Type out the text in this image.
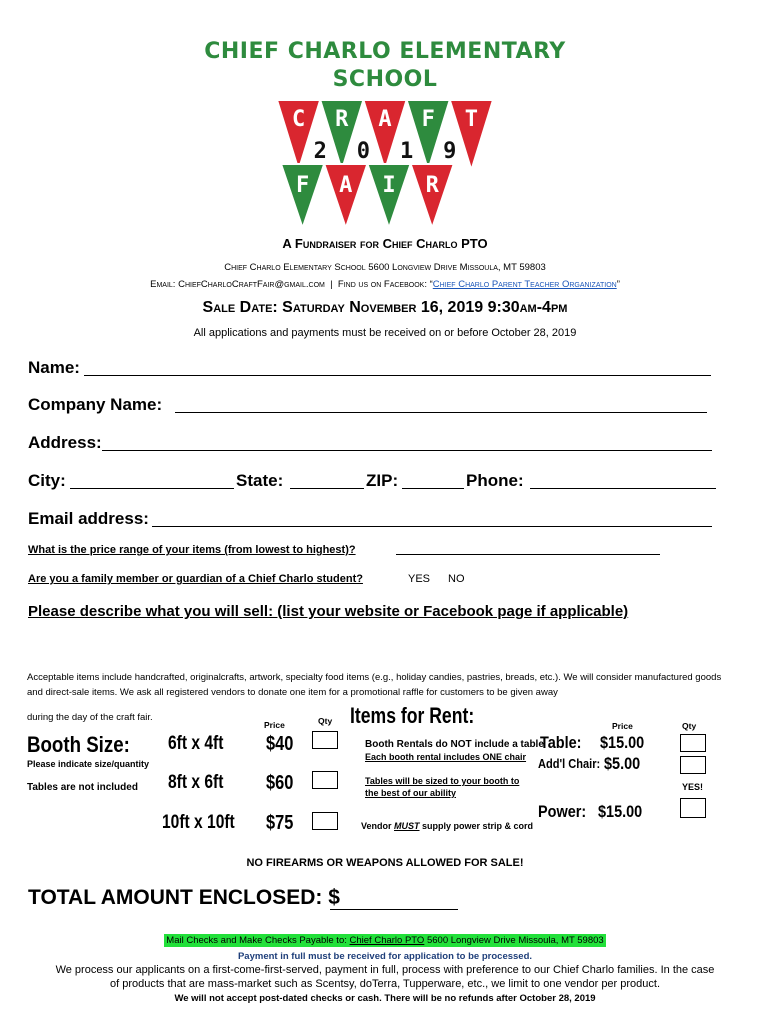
CHIEF CHARLO ELEMENTARY
SCHOOL
C R A F T
2 0 1 9
F A I R
A Fundraiser for Chief Charlo PTO
Chief Charlo Elementary School 5600 Longview Drive Missoula, MT 59803
Email: ChiefCharloCraftFair@gmail.com | Find us on Facebook: “Chief Charlo Parent Teacher Organization”
Sale Date: Saturday November 16, 2019 9:30am-4pm
All applications and payments must be received on or before October 28, 2019
Name:
Company Name:
Address:
City:	State:	ZIP:	Phone:
Email address:
What is the price range of your items (from lowest to highest)?
Are you a family member or guardian of a Chief Charlo student?	YES NO
Please describe what you will sell: (list your website or Facebook page if applicable)
Acceptable items include handcrafted, originalcrafts, artwork, specialty food items (e.g., holiday candies, pastries, breads, etc.). We will consider manufactured goods and direct-sale items. We ask all registered vendors to donate one item for a promotional raffle for customers to be given away
during the day of the craft fair.
Price	Qty
Booth Size:
Please indicate size/quantity
Tables are not included
6ft x 4ft $40
8ft x 6ft $60
10ft x 10ft $75
Items for Rent:
Booth Rentals do NOT include a table
Each booth rental includes ONE chair
Tables will be sized to your booth to
the best of our ability
Vendor MUST supply power strip & cord
Price	Qty
Table: $15.00
Add'l Chair: $5.00
YES!
Power: $15.00
NO FIREARMS OR WEAPONS ALLOWED FOR SALE!
TOTAL AMOUNT ENCLOSED: $
Mail Checks and Make Checks Payable to: Chief Charlo PTO 5600 Longview Drive Missoula, MT 59803
Payment in full must be received for application to be processed.
We process our applicants on a first-come-first-served, payment in full, process with preference to our Chief Charlo families. In the case of products that are mass-market such as Scentsy, doTerra, Tupperware, etc., we limit to one vendor per product.
We will not accept post-dated checks or cash. There will be no refunds after October 28, 2019
